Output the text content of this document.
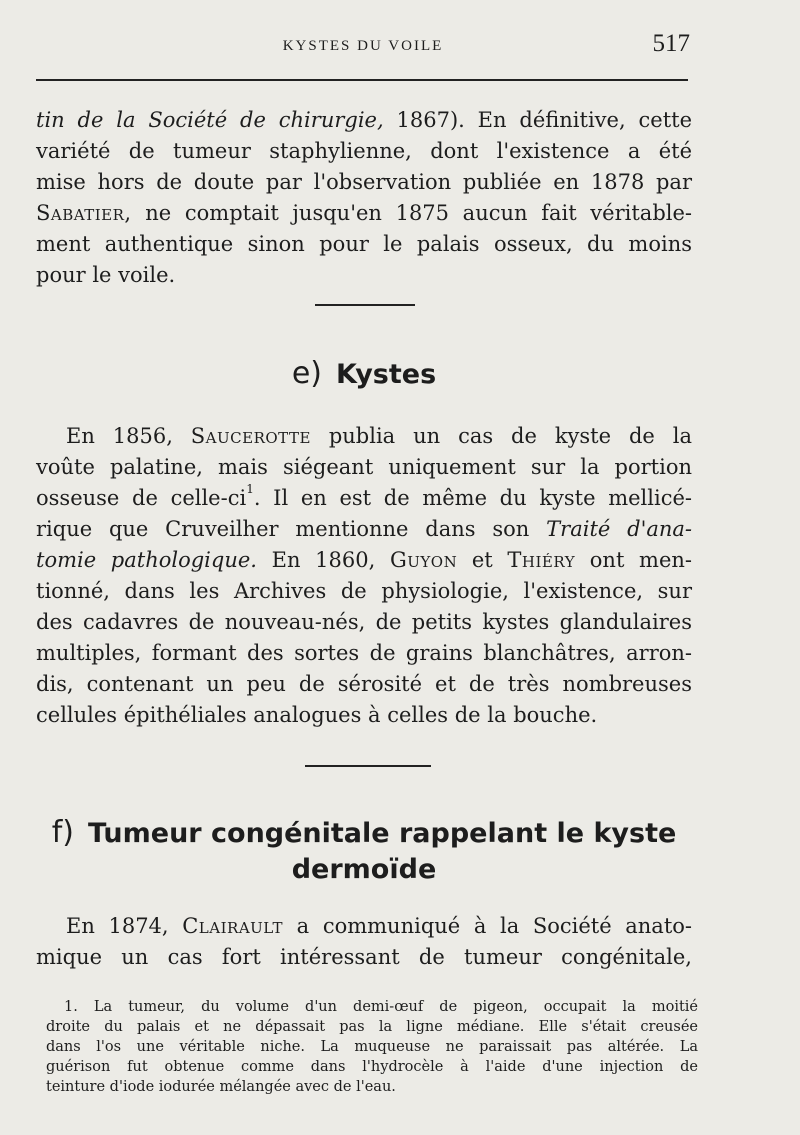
KYSTES DU VOILE	517
tin de la Société de chirurgie, 1867). En définitive, cette
variété de tumeur staphylienne, dont l'existence a été
mise hors de doute par l'observation publiée en 1878 par
Sabatier, ne comptait jusqu'en 1875 aucun fait véritable-
ment authentique sinon pour le palais osseux, du moins
pour le voile.
e) Kystes
En 1856, Saucerotte publia un cas de kyste de la
voûte palatine, mais siégeant uniquement sur la portion
osseuse de celle-$ci^1$. Il en est de même du kyste mellicé-
rique que Cruveilher mentionne dans son Traité d'ana-
tomie pathologique. En 1860, Guyon et Thiéry ont men-
tionné, dans les Archives de physiologie, l'existence, sur
des cadavres de nouveau-nés, de petits kystes glandulaires
multiples, formant des sortes de grains blanchâtres, arron-
dis, contenant un peu de sérosité et de très nombreuses
cellules épithéliales analogues à celles de la bouche.
f) Tumeur congénitale rappelant le kyste
dermoïde
En 1874, Clairault a communiqué à la Société anato-
mique un cas fort intéressant de tumeur congénitale,
1. La tumeur, du volume d'un demi-œuf de pigeon, occupait la moitié
droite du palais et ne dépassait pas la ligne médiane. Elle s'était creusée
dans l'os une véritable niche. La muqueuse ne paraissait pas altérée. La
guérison fut obtenue comme dans l'hydrocèle à l'aide d'une injection de
teinture d'iode iodurée mélangée avec de l'eau.
